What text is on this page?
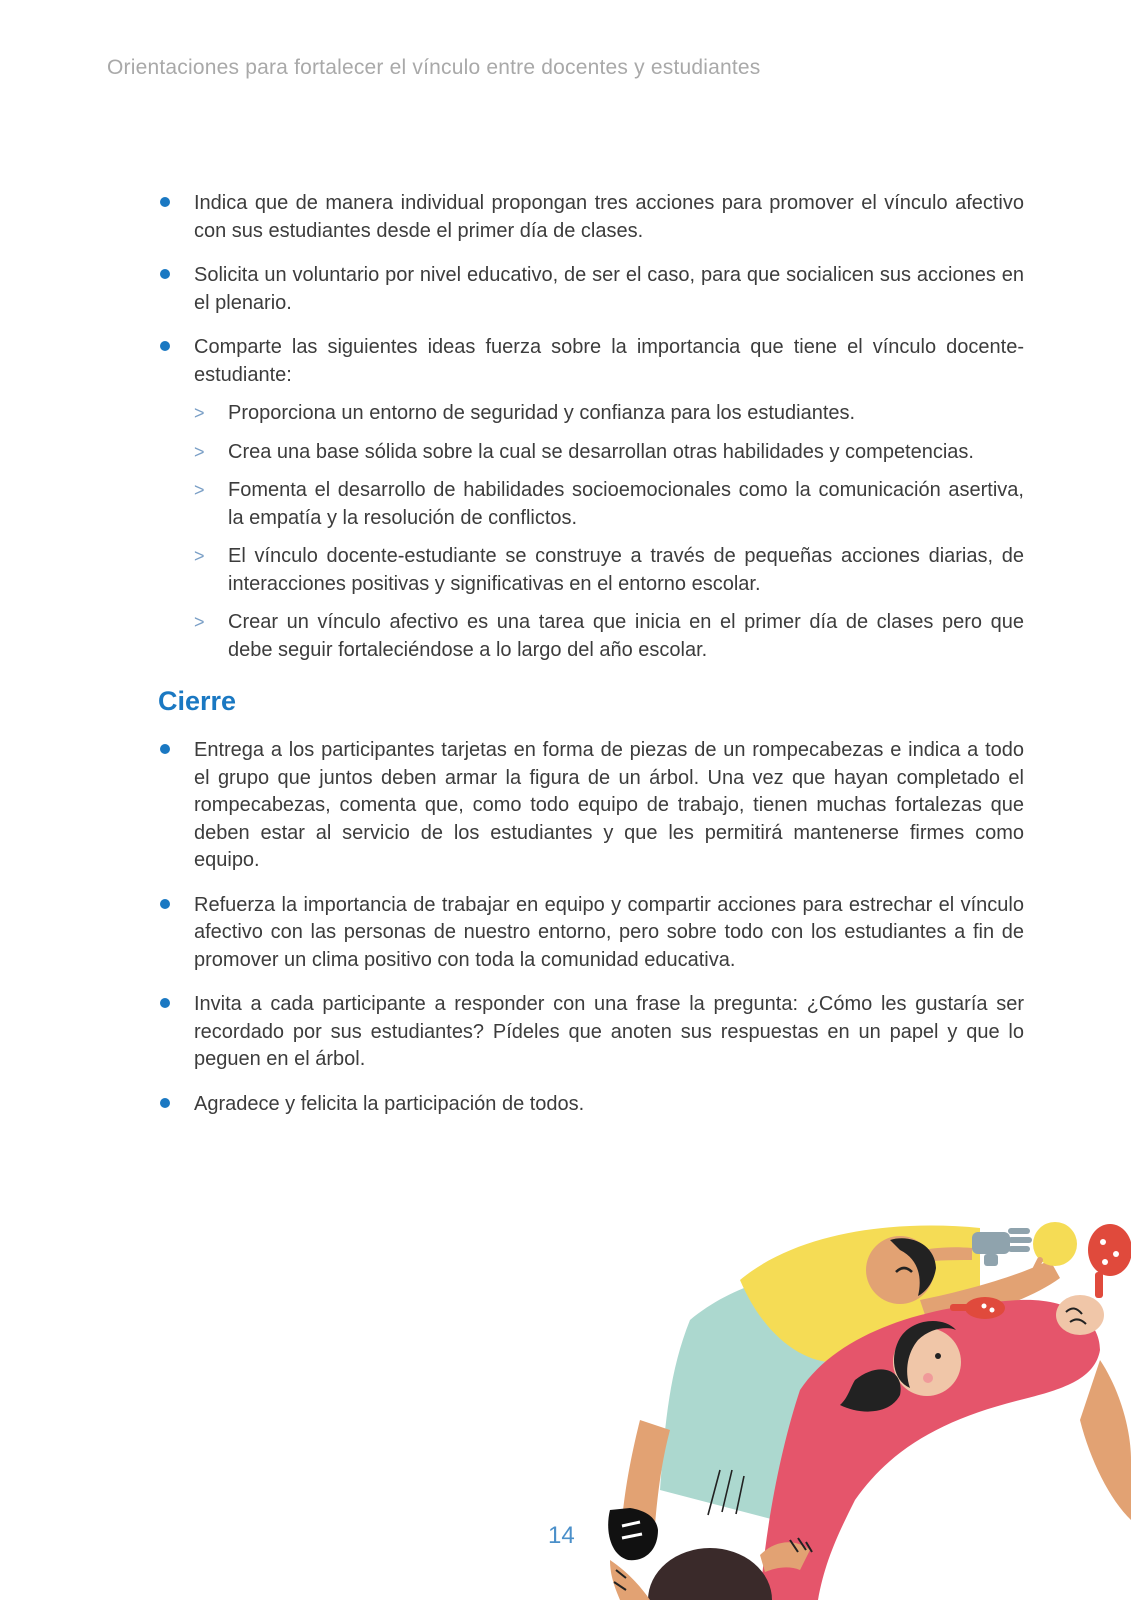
Orientaciones para fortalecer el vínculo entre docentes y estudiantes
Indica que de manera individual propongan tres acciones para promover el vínculo afectivo con sus estudiantes desde el primer día de clases.
Solicita un voluntario por nivel educativo, de ser el caso, para que socialicen sus acciones en el plenario.
Comparte las siguientes ideas fuerza sobre la importancia que tiene el vínculo docente-estudiante:
> Proporciona un entorno de seguridad y confianza para los estudiantes.
> Crea una base sólida sobre la cual se desarrollan otras habilidades y competencias.
> Fomenta el desarrollo de habilidades socioemocionales como la comunicación asertiva, la empatía y la resolución de conflictos.
> El vínculo docente-estudiante se construye a través de pequeñas acciones diarias, de interacciones positivas y significativas en el entorno escolar.
> Crear un vínculo afectivo es una tarea que inicia en el primer día de clases pero que debe seguir fortaleciéndose a lo largo del año escolar.
Cierre
Entrega a los participantes tarjetas en forma de piezas de un rompecabezas e indica a todo el grupo que juntos deben armar la figura de un árbol. Una vez que hayan completado el rompecabezas, comenta que, como todo equipo de trabajo, tienen muchas fortalezas que deben estar al servicio de los estudiantes y que les permitirá mantenerse firmes como equipo.
Refuerza la importancia de trabajar en equipo y compartir acciones para estrechar el vínculo afectivo con las personas de nuestro entorno, pero sobre todo con los estudiantes a fin de promover un clima positivo con toda la comunidad educativa.
Invita a cada participante a responder con una frase la pregunta: ¿Cómo les gustaría ser recordado por sus estudiantes? Pídeles que anoten sus respuestas en un papel y que lo peguen en el árbol.
Agradece y felicita la participación de todos.
14
